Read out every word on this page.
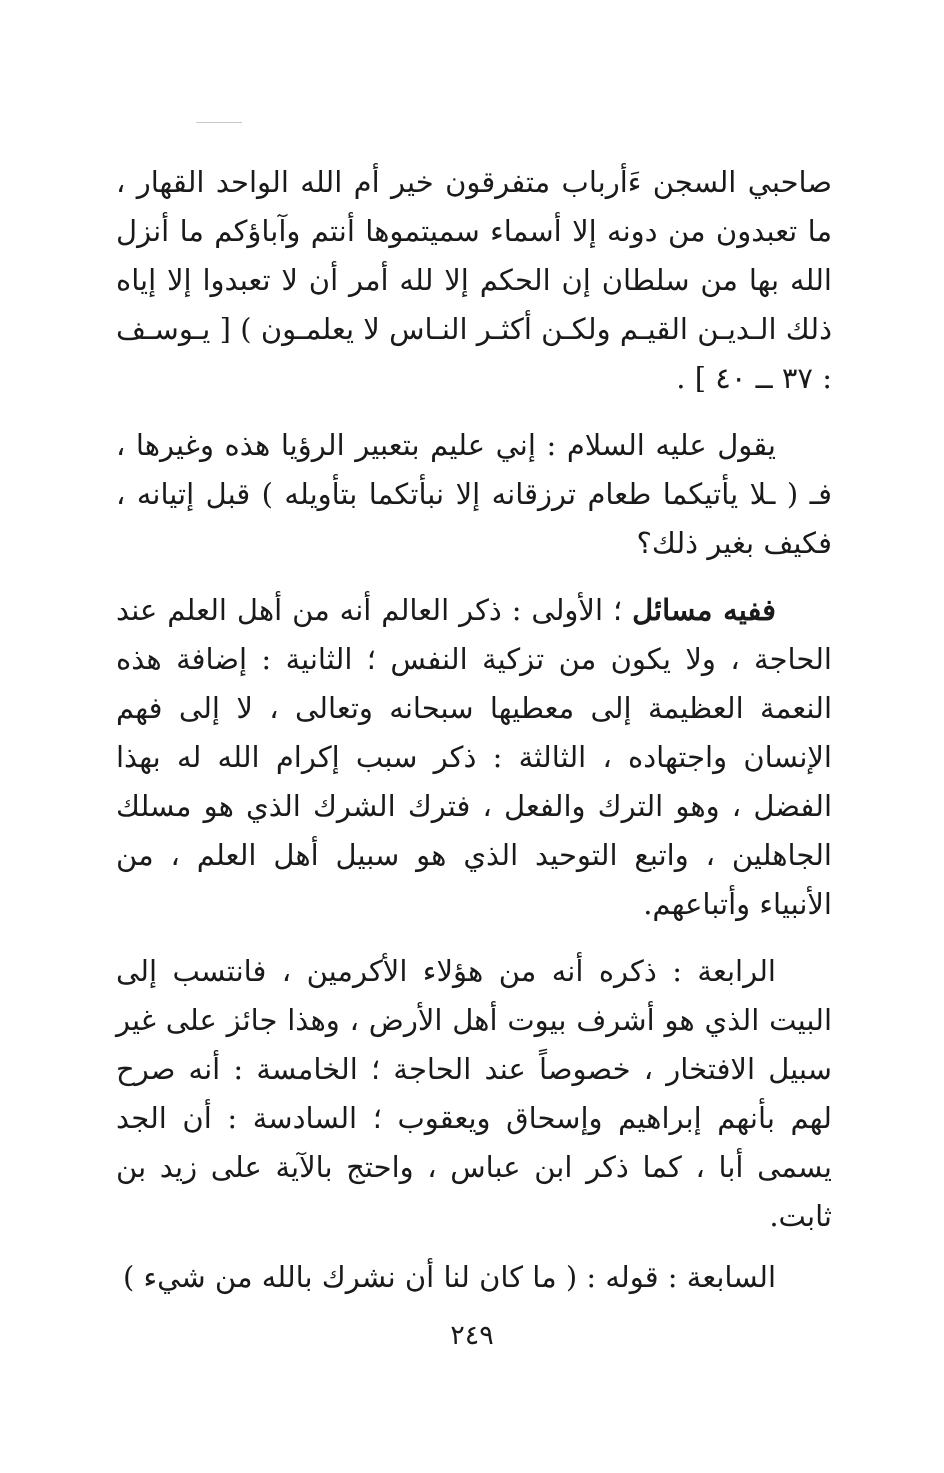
صاحبي السجن ءَأرباب متفرقون خير أم الله الواحد القهار ، ما تعبدون من دونه إلا أسماء سميتموها أنتم وآباؤكم ما أنزل الله بها من سلطان إن الحكم إلا لله أمر أن لا تعبدوا إلا إياه ذلك الـديـن القيـم ولكـن أكثـر النـاس لا يعلمـون ) [ يـوسـف : ٣٧ ــ ٤٠ ] .

يقول عليه السلام : إني عليم بتعبير الرؤيا هذه وغيرها ، فـ ( ـلا يأتيكما طعام ترزقانه إلا نبأتكما بتأويله ) قبل إتيانه ، فكيف بغير ذلك؟

ففيه مسائل ؛ الأولى : ذكر العالم أنه من أهل العلم عند الحاجة ، ولا يكون من تزكية النفس ؛ الثانية : إضافة هذه النعمة العظيمة إلى معطيها سبحانه وتعالى ، لا إلى فهم الإنسان واجتهاده ، الثالثة : ذكر سبب إكرام الله له بهذا الفضل ، وهو الترك والفعل ، فترك الشرك الذي هو مسلك الجاهلين ، واتبع التوحيد الذي هو سبيل أهل العلم ، من الأنبياء وأتباعهم.

الرابعة : ذكره أنه من هؤلاء الأكرمين ، فانتسب إلى البيت الذي هو أشرف بيوت أهل الأرض ، وهذا جائز على غير سبيل الافتخار ، خصوصاً عند الحاجة ؛ الخامسة : أنه صرح لهم بأنهم إبراهيم وإسحاق ويعقوب ؛ السادسة : أن الجد يسمى أبا ، كما ذكر ابن عباس ، واحتج بالآية على زيد بن ثابت.

السابعة : قوله : ( ما كان لنا أن نشرك بالله من شيء )

٢٤٩
